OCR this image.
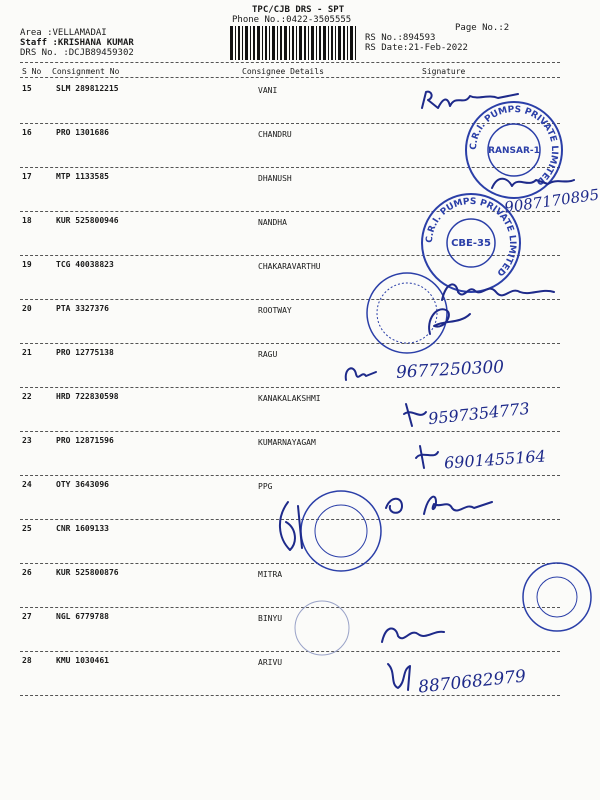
TPC/CJB DRS - SPT
Phone No.:0422-3505555
Area :VELLAMADAI
Staff :KRISHANA KUMAR
DRS No. :DCJB89459302
RS No.:894593
RS Date:21-Feb-2022
Page No.:2
S No Consignment No	Consignee Details	Signature
15	SLM 289812215	VANI
16	PRO 1301686	CHANDRU
17	MTP 1133585	DHANUSH
18	KUR 525800946	NANDHA
19	TCG 40038823	CHAKARAVARTHU
20	PTA 3327376	ROOTWAY
21	PRO 12775138	RAGU
22	HRD 722830598	KANAKALAKSHMI
23	PRO 12871596	KUMARNAYAGAM
24	OTY 3643096	PPG
25	CNR 1609133
26	KUR 525800876	MITRA
27	NGL 6779788	BINYU
28	KMU 1030461	ARIVU
C.R.I. PUMPS PRIVATE LIMITED
RANSAR-1
C.R.I. PUMPS PRIVATE LIMITED
CBE-35
9087170895
9677250300
9597354773
6901455164
8870682979
